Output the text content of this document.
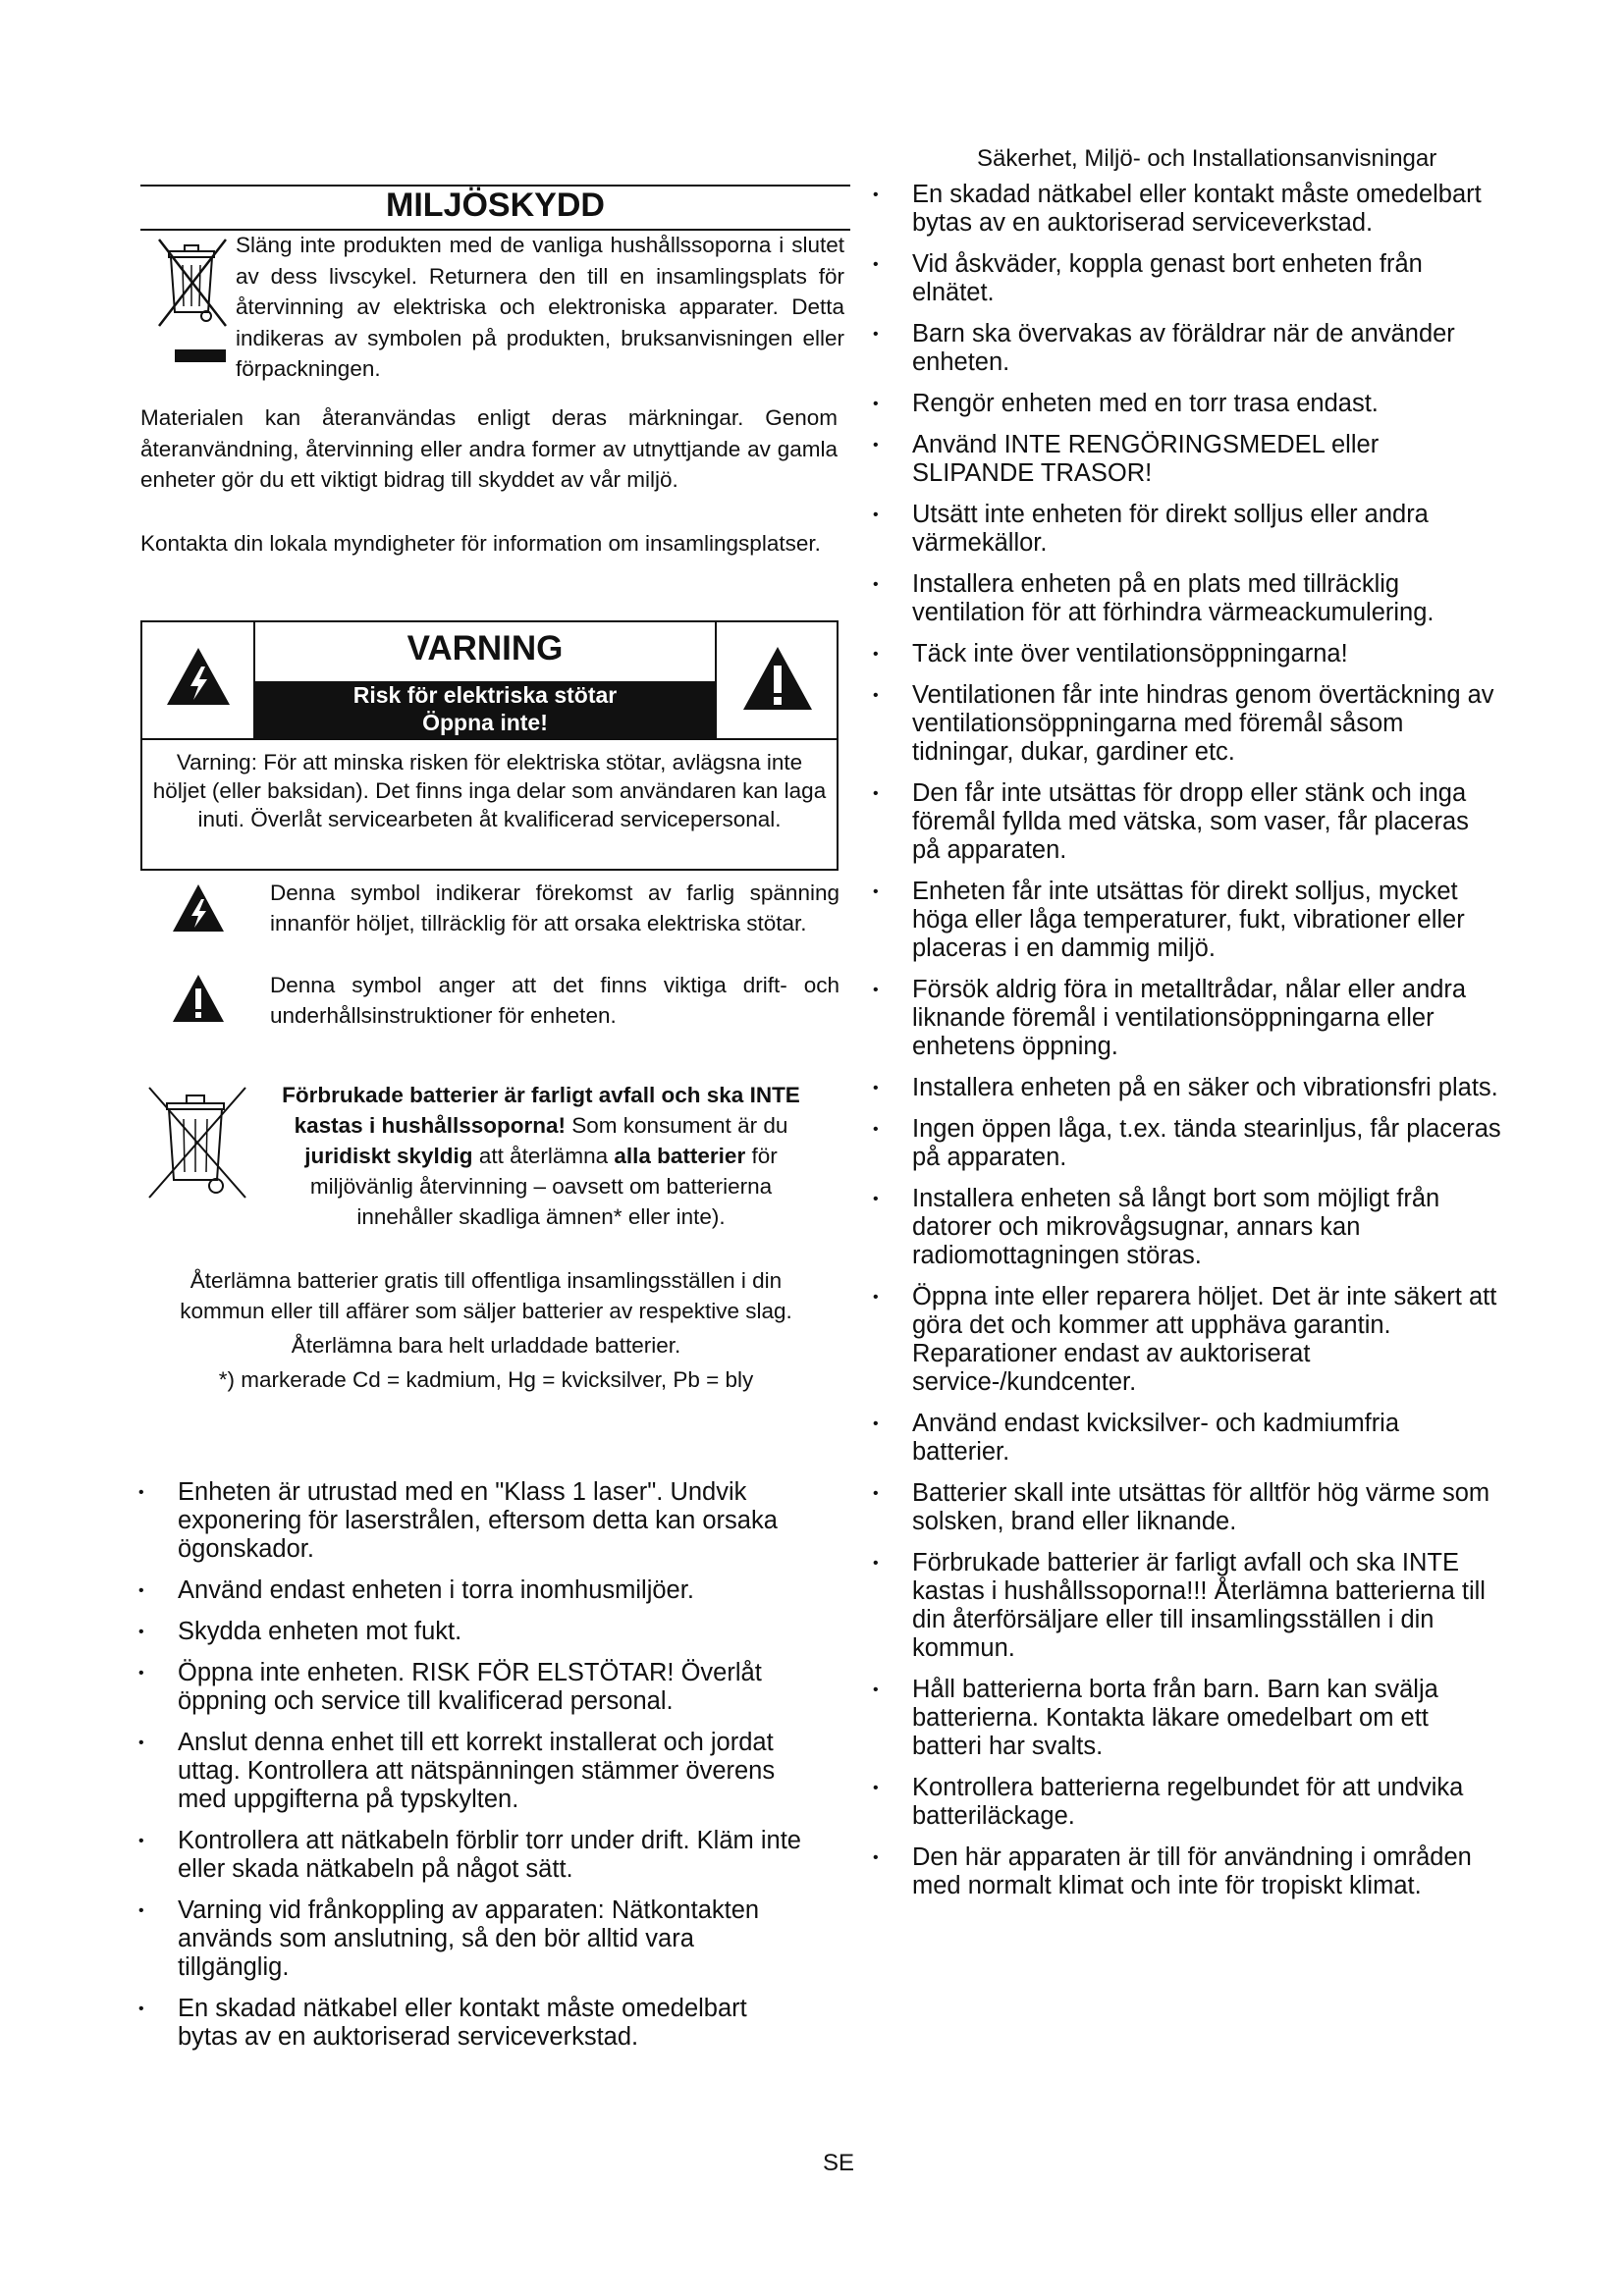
Säkerhet, Miljö- och Installationsanvisningar
MILJÖSKYDD
Släng inte produkten med de vanliga hushållssoporna i slutet av dess livscykel. Returnera den till en insamlingsplats för återvinning av elektriska och elektroniska apparater. Detta indikeras av symbolen på produkten, bruksanvisningen eller förpackningen.
Materialen kan återanvändas enligt deras märkningar. Genom återanvändning, återvinning eller andra former av utnyttjande av gamla enheter gör du ett viktigt bidrag till skyddet av vår miljö.
Kontakta din lokala myndigheter för information om insamlingsplatser.
VARNING
Risk för elektriska stötar
Öppna inte!
Varning: För att minska risken för elektriska stötar, avlägsna inte höljet (eller baksidan). Det finns inga delar som användaren kan laga inuti. Överlåt servicearbeten åt kvalificerad servicepersonal.
Denna symbol indikerar förekomst av farlig spänning innanför höljet, tillräcklig för att orsaka elektriska stötar.
Denna symbol anger att det finns viktiga drift- och underhållsinstruktioner för enheten.
Förbrukade batterier är farligt avfall och ska INTE kastas i hushållssoporna! Som konsument är du juridiskt skyldig att återlämna alla batterier för miljövänlig återvinning – oavsett om batterierna innehåller skadliga ämnen* eller inte).
Återlämna batterier gratis till offentliga insamlingsställen i din kommun eller till affärer som säljer batterier av respektive slag.
Återlämna bara helt urladdade batterier.
*) markerade Cd = kadmium, Hg = kvicksilver, Pb = bly
• Enheten är utrustad med en "Klass 1 laser". Undvik exponering för laserstrålen, eftersom detta kan orsaka ögonskador.
• Använd endast enheten i torra inomhusmiljöer.
• Skydda enheten mot fukt.
• Öppna inte enheten. RISK FÖR ELSTÖTAR! Överlåt öppning och service till kvalificerad personal.
• Anslut denna enhet till ett korrekt installerat och jordat uttag. Kontrollera att nätspänningen stämmer överens med uppgifterna på typskylten.
• Kontrollera att nätkabeln förblir torr under drift. Kläm inte eller skada nätkabeln på något sätt.
• Varning vid frånkoppling av apparaten: Nätkontakten används som anslutning, så den bör alltid vara tillgänglig.
• En skadad nätkabel eller kontakt måste omedelbart bytas av en auktoriserad serviceverkstad.
• En skadad nätkabel eller kontakt måste omedelbart bytas av en auktoriserad serviceverkstad.
• Vid åskväder, koppla genast bort enheten från elnätet.
• Barn ska övervakas av föräldrar när de använder enheten.
• Rengör enheten med en torr trasa endast.
• Använd INTE RENGÖRINGSMEDEL eller SLIPANDE TRASOR!
• Utsätt inte enheten för direkt solljus eller andra värmekällor.
• Installera enheten på en plats med tillräcklig ventilation för att förhindra värmeackumulering.
• Täck inte över ventilationsöppningarna!
• Ventilationen får inte hindras genom övertäckning av ventilationsöppningarna med föremål såsom tidningar, dukar, gardiner etc.
• Den får inte utsättas för dropp eller stänk och inga föremål fyllda med vätska, som vaser, får placeras på apparaten.
• Enheten får inte utsättas för direkt solljus, mycket höga eller låga temperaturer, fukt, vibrationer eller placeras i en dammig miljö.
• Försök aldrig föra in metalltrådar, nålar eller andra liknande föremål i ventilationsöppningarna eller enhetens öppning.
• Installera enheten på en säker och vibrationsfri plats.
• Ingen öppen låga, t.ex. tända stearinljus, får placeras på apparaten.
• Installera enheten så långt bort som möjligt från datorer och mikrovågsugnar, annars kan radiomottagningen störas.
• Öppna inte eller reparera höljet. Det är inte säkert att göra det och kommer att upphäva garantin. Reparationer endast av auktoriserat service-/kundcenter.
• Använd endast kvicksilver- och kadmiumfria batterier.
• Batterier skall inte utsättas för alltför hög värme som solsken, brand eller liknande.
• Förbrukade batterier är farligt avfall och ska INTE kastas i hushållssoporna!!! Återlämna batterierna till din återförsäljare eller till insamlingsställen i din kommun.
• Håll batterierna borta från barn. Barn kan svälja batterierna. Kontakta läkare omedelbart om ett batteri har svalts.
• Kontrollera batterierna regelbundet för att undvika batteriläckage.
• Den här apparaten är till för användning i områden med normalt klimat och inte för tropiskt klimat.
SE
